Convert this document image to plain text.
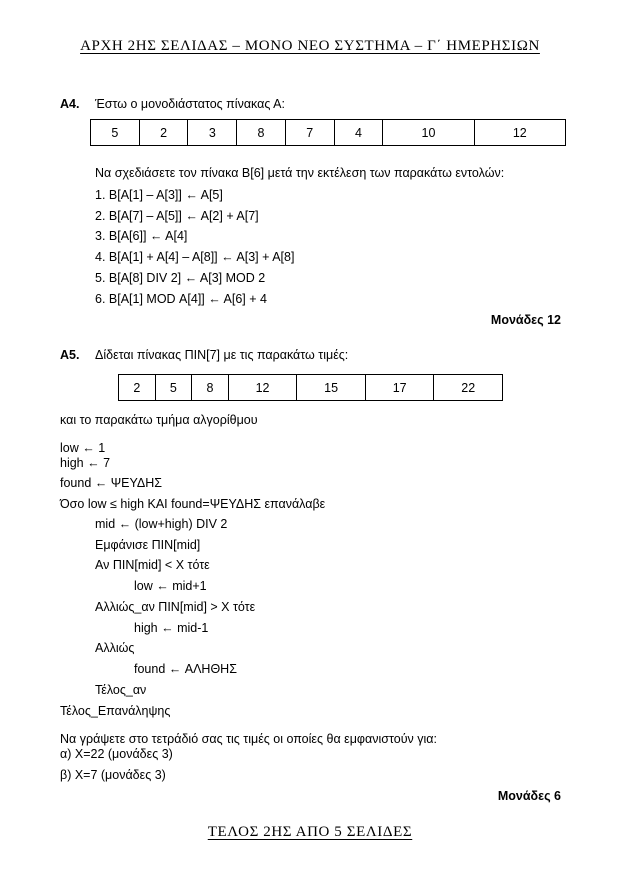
ΑΡΧΗ 2ΗΣ ΣΕΛΙΔΑΣ – ΜΟΝΟ ΝΕΟ ΣΥΣΤΗΜΑ – Γ΄ ΗΜΕΡΗΣΙΩΝ
Α4. Έστω ο μονοδιάστατος πίνακας Α:
5	2	3	8	7	4	10	12
Να σχεδιάσετε τον πίνακα Β[6] μετά την εκτέλεση των παρακάτω εντολών:
1. Β[Α[1] – Α[3]] ← Α[5]
2. Β[Α[7] – Α[5]] ← Α[2] + Α[7]
3. Β[Α[6]] ← Α[4]
4. Β[Α[1] + Α[4] – Α[8]] ← Α[3] + Α[8]
5. Β[Α[8] DIV 2] ← Α[3] MOD 2
6. Β[Α[1] MOD Α[4]] ← Α[6] + 4
Μονάδες 12
Α5. Δίδεται πίνακας ΠΙΝ[7] με τις παρακάτω τιμές:
2	5	8	12	15	17	22
και το παρακάτω τμήμα αλγορίθμου
low ← 1
high ← 7
found ← ΨΕΥΔΗΣ
Όσο low ≤ high ΚΑΙ found=ΨΕΥΔΗΣ επανάλαβε
mid ← (low+high) DIV 2
Εμφάνισε ΠΙΝ[mid]
Αν ΠΙΝ[mid] < X τότε
low ← mid+1
Αλλιώς_αν ΠΙΝ[mid] > X τότε
high ← mid-1
Αλλιώς
found ← ΑΛΗΘΗΣ
Τέλος_αν
Τέλος_Επανάληψης
Να γράψετε στο τετράδιό σας τις τιμές οι οποίες θα εμφανιστούν για:
α) Χ=22 (μονάδες 3)
β) Χ=7 (μονάδες 3)
Μονάδες 6
ΤΕΛΟΣ 2ΗΣ ΑΠΟ 5 ΣΕΛΙΔΕΣ
